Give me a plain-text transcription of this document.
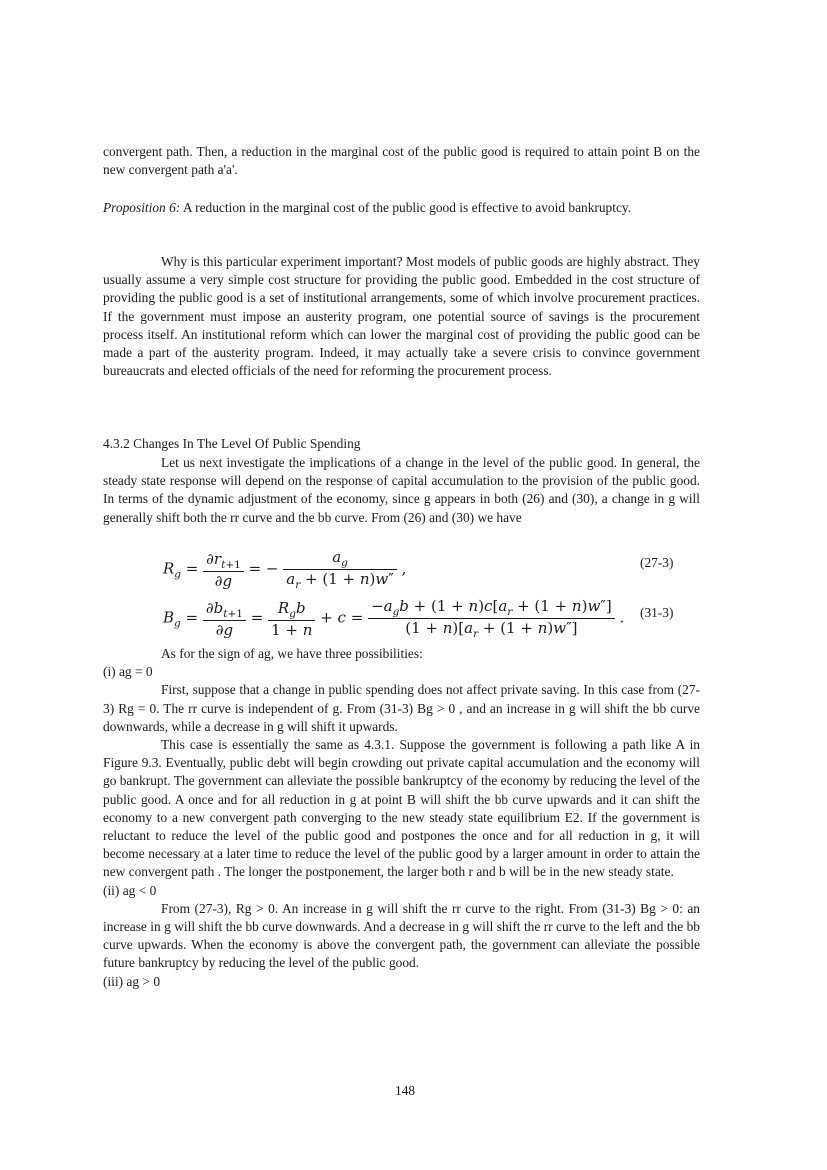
convergent path. Then, a reduction in the marginal cost of the public good is required to attain point B on the new convergent path a'a'.

Proposition 6: A reduction in the marginal cost of the public good is effective to avoid bankruptcy.

Why is this particular experiment important? Most models of public goods are highly abstract. They usually assume a very simple cost structure for providing the public good. Embedded in the cost structure of providing the public good is a set of institutional arrangements, some of which involve procurement practices. If the government must impose an austerity program, one potential source of savings is the procurement process itself. An institutional reform which can lower the marginal cost of providing the public good can be made a part of the austerity program. Indeed, it may actually take a severe crisis to convince government bureaucrats and elected officials of the need for reforming the procurement process.

4.3.2 Changes In The Level Of Public Spending

Let us next investigate the implications of a change in the level of the public good. In general, the steady state response will depend on the response of capital accumulation to the provision of the public good. In terms of the dynamic adjustment of the economy, since g appears in both (26) and (30), a change in g will generally shift both the rr curve and the bb curve. From (26) and (30) we have

$R_g = \frac{\partial r_{t+1}}{\partial g}$ = − $\frac{a_g}{a_r + (1 + n)w''}$ ,	(27-3)
$B_g = \frac{\partial b_{t+1}}{\partial g} = \frac{R_gb}{1 + n} + c = \frac{-a_gb + (1 + n)c[a_r + (1 + n)w'']}{(1 + n)[a_r + (1 + n)w'']}$ . (31-3)

As for the sign of ag, we have three possibilities:

(i) ag = 0

First, suppose that a change in public spending does not affect private saving. In this case from (27-3) Rg = 0. The rr curve is independent of g. From (31-3) Bg > 0 , and an increase in g will shift the bb curve downwards, while a decrease in g will shift it upwards.

This case is essentially the same as 4.3.1. Suppose the government is following a path like A in Figure 9.3. Eventually, public debt will begin crowding out private capital accumulation and the economy will go bankrupt. The government can alleviate the possible bankruptcy of the economy by reducing the level of the public good. A once and for all reduction in g at point B will shift the bb curve upwards and it can shift the economy to a new convergent path converging to the new steady state equilibrium E2. If the government is reluctant to reduce the level of the public good and postpones the once and for all reduction in g, it will become necessary at a later time to reduce the level of the public good by a larger amount in order to attain the new convergent path . The longer the postponement, the larger both r and b will be in the new steady state.

(ii) ag < 0

From (27-3), Rg > 0. An increase in g will shift the rr curve to the right. From (31-3) Bg > 0: an increase in g will shift the bb curve downwards. And a decrease in g will shift the rr curve to the left and the bb curve upwards. When the economy is above the convergent path, the government can alleviate the possible future bankruptcy by reducing the level of the public good.

(iii) ag > 0

148
